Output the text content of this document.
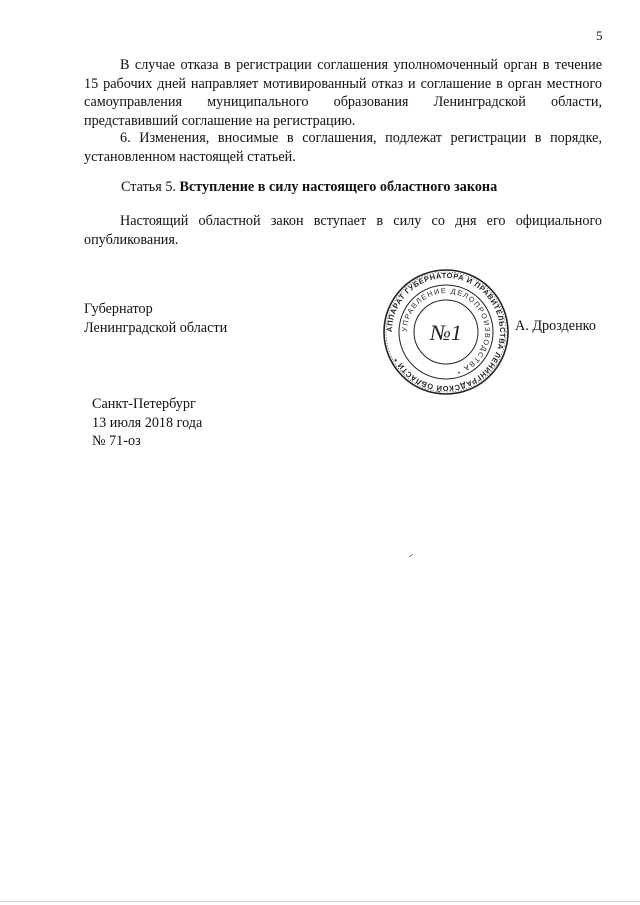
5

В случае отказа в регистрации соглашения уполномоченный орган в течение 15 рабочих дней направляет мотивированный отказ и соглашение в орган местного самоуправления муниципального образования Ленинградской области, представивший соглашение на регистрацию.

6. Изменения, вносимые в соглашения, подлежат регистрации в порядке, установленном настоящей статьей.

Статья 5. Вступление в силу настоящего областного закона

Настоящий областной закон вступает в силу со дня его официального опубликования.

Губернатор
Ленинградской области	АППАРАТ ГУБЕРНАТОРА И ПРАВИТЕЛЬСТВА ЛЕНИНГРАДСКОЙ ОБЛАСТИ *
УПРАВЛЕНИЕ ДЕЛОПРОИЗВОДСТВА *
№1	А. Дрозденко
Санкт-Петербург
13 июля 2018 года
№ 71-оз
